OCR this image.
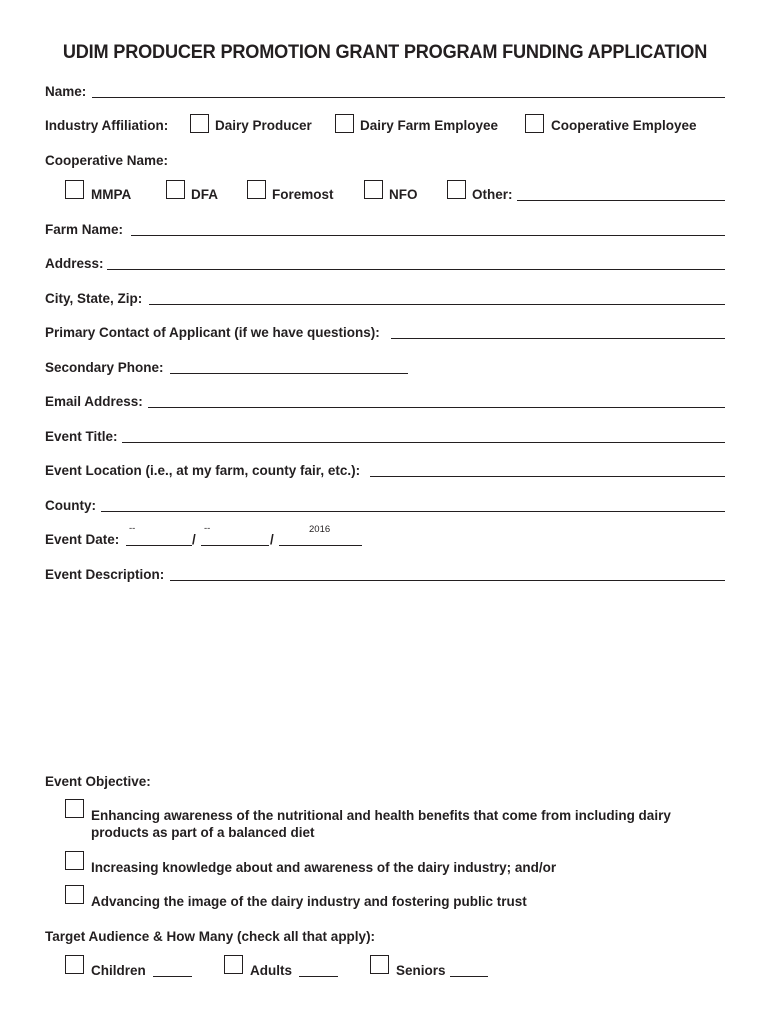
UDIM PRODUCER PROMOTION GRANT PROGRAM FUNDING APPLICATION
Name:
Industry Affiliation:	Dairy Producer	Dairy Farm Employee	Cooperative Employee
Cooperative Name:
MMPA	DFA	Foremost	NFO	Other:
Farm Name:
Address:
City, State, Zip:
Primary Contact of Applicant (if we have questions):
Secondary Phone:
Email Address:
Event Title:
Event Location (i.e., at my farm, county fair, etc.):
County:
Event Date:
--
/
--
/
2016
Event Description:
Event Objective:
Enhancing awareness of the nutritional and health benefits that come from including dairy
products as part of a balanced diet
Increasing knowledge about and awareness of the dairy industry; and/or
Advancing the image of the dairy industry and fostering public trust
Target Audience & How Many (check all that apply):
Children	Adults	Seniors
